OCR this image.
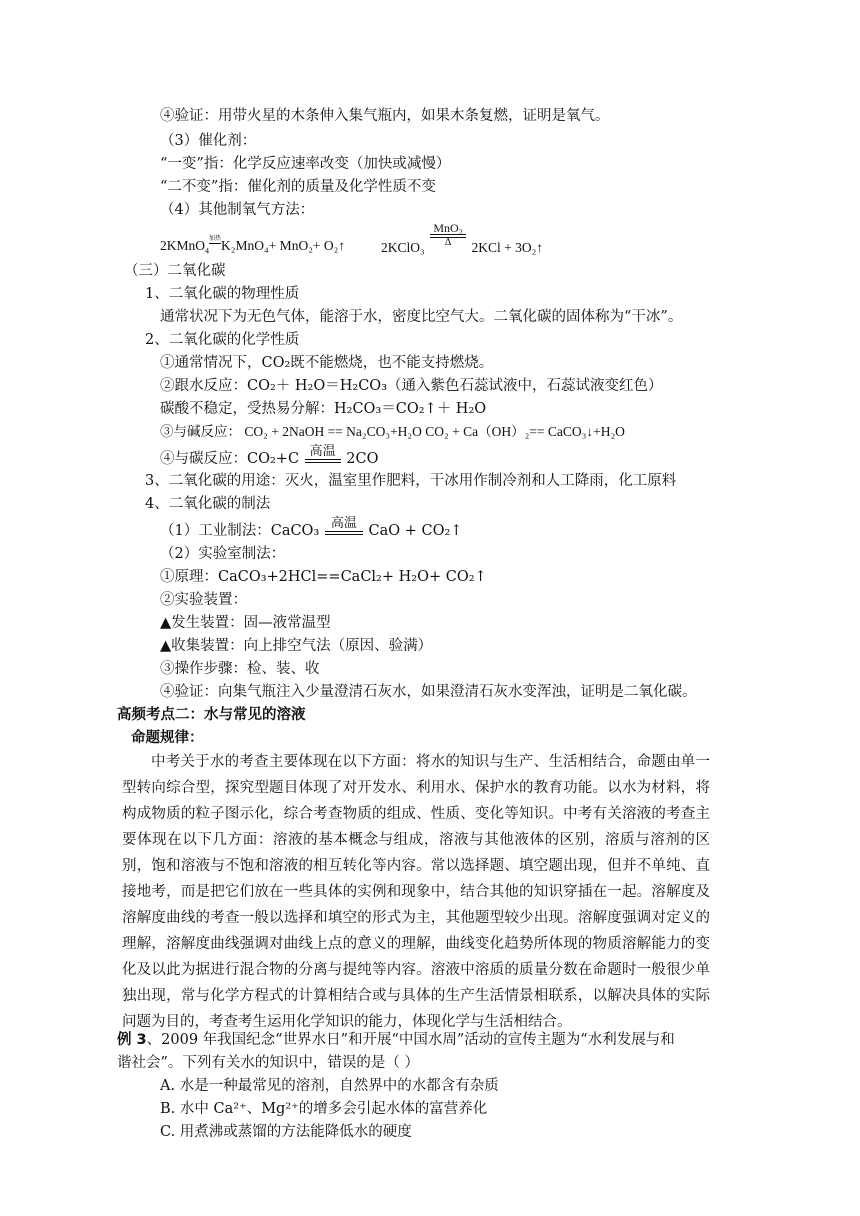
④验证：用带火星的木条伸入集气瓶内，如果木条复燃，证明是氧气。
（3）催化剂：
“一变”指：化学反应速率改变（加快或减慢）
“二不变”指：催化剂的质量及化学性质不变
（4）其他制氧气方法：
2KMnO$_4$加热K₂MnO₄+ MnO₂+ O₂↑	2KClO₃
MnO₂
Δ	2KCl + 3O₂↑
（三）二氧化碳
1、二氧化碳的物理性质
通常状况下为无色气体，能溶于水，密度比空气大。二氧化碳的固体称为“干冰”。
2、二氧化碳的化学性质
①通常情况下，CO₂既不能燃烧，也不能支持燃烧。
②跟水反应：CO₂＋ H₂O＝H₂CO₃（通入紫色石蕊试液中，石蕊试液变红色）
碳酸不稳定，受热易分解：H₂CO₃＝CO₂↑＋ H₂O
③与碱反应： CO₂ + 2NaOH == Na₂CO₃+H₂O CO₂ + Ca（OH）₂== CaCO₃↓+H₂O
④与碳反应：CO₂+C 高温 2CO
3、二氧化碳的用途：灭火，温室里作肥料，干冰用作制冷剂和人工降雨，化工原料
4、二氧化碳的制法
（1）工业制法：CaCO₃ 高温 CaO + CO₂↑
（2）实验室制法：
①原理：CaCO₃+2HCl==CaCl₂+ H₂O+ CO₂↑
②实验装置：
▲发生装置：固—液常温型
▲收集装置：向上排空气法（原因、验满）
③操作步骤：检、装、收
④验证：向集气瓶注入少量澄清石灰水，如果澄清石灰水变浑浊，证明是二氧化碳。
高频考点二：水与常见的溶液
命题规律：
中考关于水的考查主要体现在以下方面：将水的知识与生产、生活相结合，命题由单一型转向综合型，探究型题目体现了对开发水、利用水、保护水的教育功能。以水为材料，将构成物质的粒子图示化，综合考查物质的组成、性质、变化等知识。中考有关溶液的考查主要体现在以下几方面：溶液的基本概念与组成，溶液与其他液体的区别，溶质与溶剂的区别，饱和溶液与不饱和溶液的相互转化等内容。常以选择题、填空题出现，但并不单纯、直接地考，而是把它们放在一些具体的实例和现象中，结合其他的知识穿插在一起。溶解度及溶解度曲线的考查一般以选择和填空的形式为主，其他题型较少出现。溶解度强调对定义的理解，溶解度曲线强调对曲线上点的意义的理解，曲线变化趋势所体现的物质溶解能力的变化及以此为据进行混合物的分离与提纯等内容。溶液中溶质的质量分数在命题时一般很少单独出现，常与化学方程式的计算相结合或与具体的生产生活情景相联系，以解决具体的实际问题为目的，考查考生运用化学知识的能力，体现化学与生活相结合。
例 3、2009 年我国纪念“世界水日”和开展“中国水周”活动的宣传主题为“水利发展与和
谐社会”。下列有关水的知识中，错误的是（ ）
A. 水是一种最常见的溶剂，自然界中的水都含有杂质
B. 水中 Ca²⁺、Mg²⁺的增多会引起水体的富营养化
C. 用煮沸或蒸馏的方法能降低水的硬度
